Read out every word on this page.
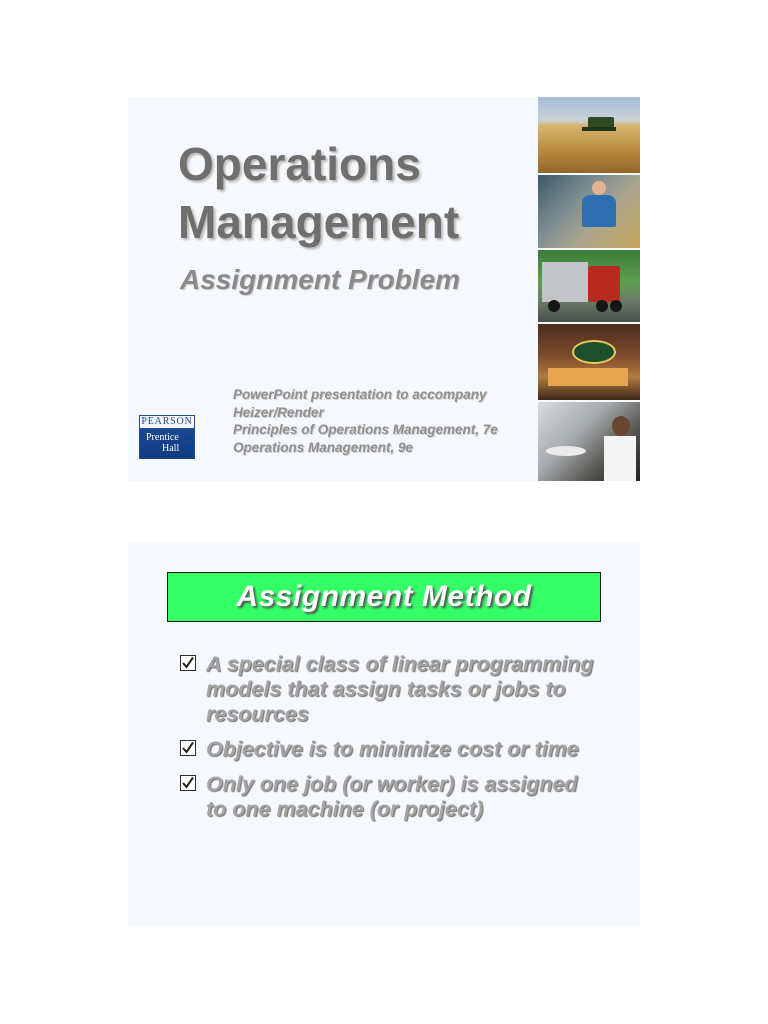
Operations
Management
Assignment Problem
PowerPoint presentation to accompany
Heizer/Render
Principles of Operations Management, 7e
Operations Management, 9e
PEARSON
Prentice
Hall
Assignment Method
A special class of linear programming models that assign tasks or jobs to resources
Objective is to minimize cost or time
Only one job (or worker) is assigned to one machine (or project)
